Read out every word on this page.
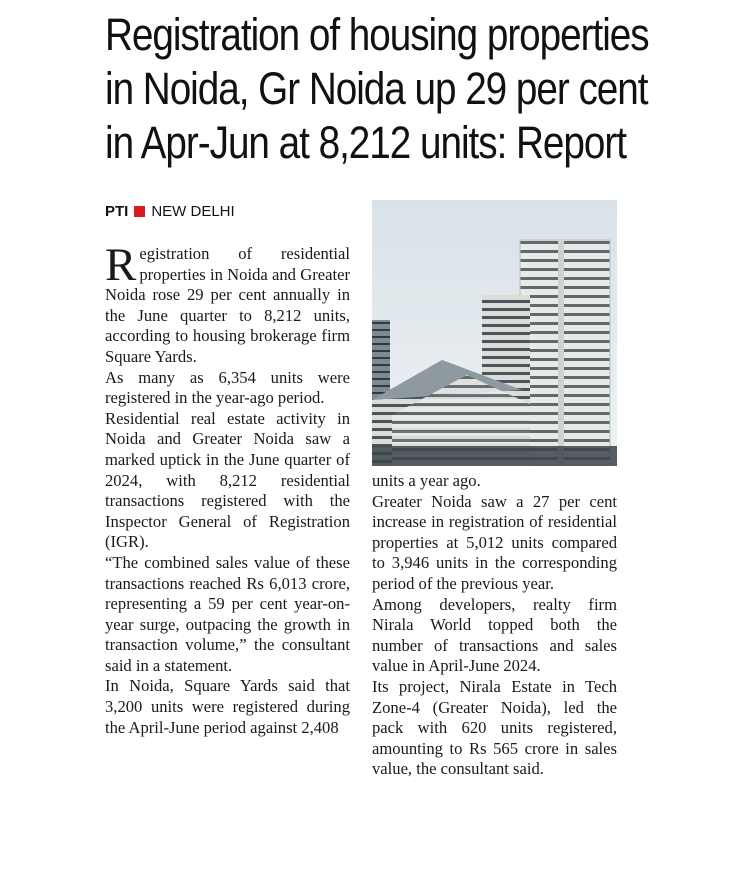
Registration of housing properties
in Noida, Gr Noida up 29 per cent
in Apr-Jun at 8,212 units: Report
PTI NEW DELHI

Registration of residential properties in Noida and Greater Noida rose 29 per cent annually in the June quarter to 8,212 units, according to housing brokerage firm Square Yards.

As many as 6,354 units were registered in the year-ago period.

Residential real estate activity in Noida and Greater Noida saw a marked uptick in the June quarter of 2024, with 8,212 residential transactions registered with the Inspector General of Registration (IGR).

“The combined sales value of these transactions reached Rs 6,013 crore, representing a 59 per cent year-on-year surge, outpacing the growth in transaction volume,” the consultant said in a statement.

In Noida, Square Yards said that 3,200 units were registered during the April-June period against 2,408

units a year ago.

Greater Noida saw a 27 per cent increase in registration of residential properties at 5,012 units compared to 3,946 units in the corresponding period of the previous year.

Among developers, realty firm Nirala World topped both the number of transactions and sales value in April-June 2024.

Its project, Nirala Estate in Tech Zone-4 (Greater Noida), led the pack with 620 units registered, amounting to Rs 565 crore in sales value, the consultant said.
